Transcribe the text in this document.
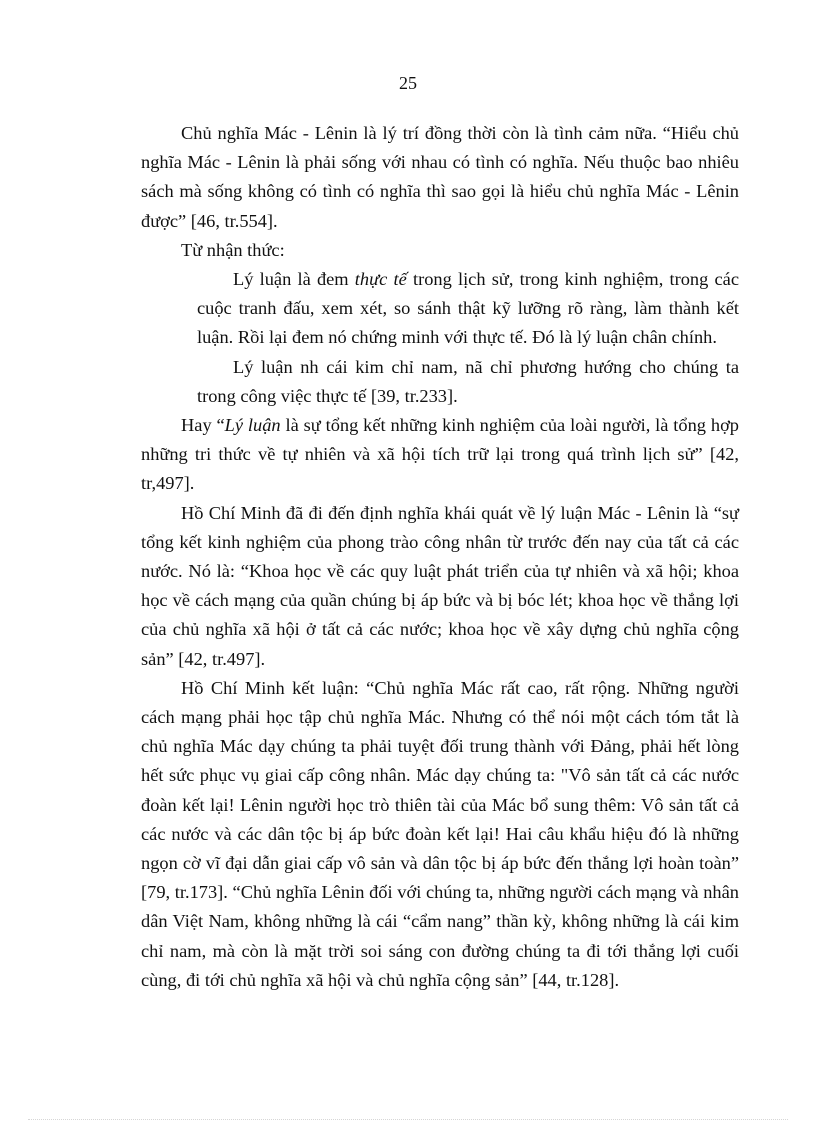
25

Chủ nghĩa Mác - Lênin là lý trí đồng thời còn là tình cảm nữa. “Hiểu chủ nghĩa Mác - Lênin là phải sống với nhau có tình có nghĩa. Nếu thuộc bao nhiêu sách mà sống không có tình có nghĩa thì sao gọi là hiểu chủ nghĩa Mác - Lênin được” [46, tr.554].

Từ nhận thức:

Lý luận là đem thực tế trong lịch sử, trong kinh nghiệm, trong các cuộc tranh đấu, xem xét, so sánh thật kỹ lưỡng rõ ràng, làm thành kết luận. Rồi lại đem nó chứng minh với thực tế. Đó là lý luận chân chính.

Lý luận nh cái kim chỉ nam, nã chỉ phương hướng cho chúng ta trong công việc thực tế [39, tr.233].

Hay “Lý luận là sự tổng kết những kinh nghiệm của loài người, là tổng hợp những tri thức về tự nhiên và xã hội tích trữ lại trong quá trình lịch sử” [42, tr,497].

Hồ Chí Minh đã đi đến định nghĩa khái quát về lý luận Mác - Lênin là “sự tổng kết kinh nghiệm của phong trào công nhân từ trước đến nay của tất cả các nước. Nó là: “Khoa học về các quy luật phát triển của tự nhiên và xã hội; khoa học về cách mạng của quần chúng bị áp bức và bị bóc lét; khoa học về thắng lợi của chủ nghĩa xã hội ở tất cả các nước; khoa học về xây dựng chủ nghĩa cộng sản” [42, tr.497].

Hồ Chí Minh kết luận: “Chủ nghĩa Mác rất cao, rất rộng. Những người cách mạng phải học tập chủ nghĩa Mác. Nhưng có thể nói một cách tóm tắt là chủ nghĩa Mác dạy chúng ta phải tuyệt đối trung thành với Đảng, phải hết lòng hết sức phục vụ giai cấp công nhân. Mác dạy chúng ta: "Vô sản tất cả các nước đoàn kết lại! Lênin người học trò thiên tài của Mác bổ sung thêm: Vô sản tất cả các nước và các dân tộc bị áp bức đoàn kết lại! Hai câu khẩu hiệu đó là những ngọn cờ vĩ đại dẫn giai cấp vô sản và dân tộc bị áp bức đến thắng lợi hoàn toàn” [79, tr.173]. “Chủ nghĩa Lênin đối với chúng ta, những người cách mạng và nhân dân Việt Nam, không những là cái “cẩm nang” thần kỳ, không những là cái kim chỉ nam, mà còn là mặt trời soi sáng con đường chúng ta đi tới thắng lợi cuối cùng, đi tới chủ nghĩa xã hội và chủ nghĩa cộng sản” [44, tr.128].
